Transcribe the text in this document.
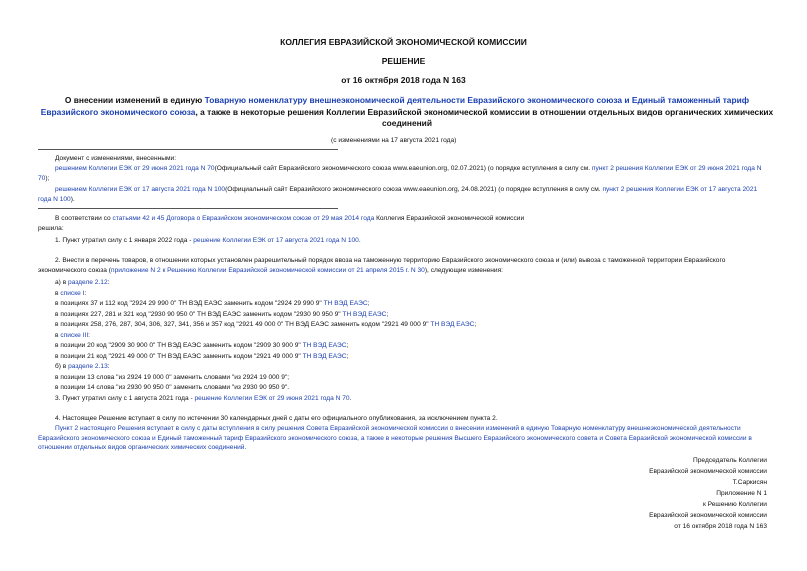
КОЛЛЕГИЯ ЕВРАЗИЙСКОЙ ЭКОНОМИЧЕСКОЙ КОМИССИИ
РЕШЕНИЕ
от 16 октября 2018 года N 163
О внесении изменений в единую Товарную номенклатуру внешнеэкономической деятельности Евразийского экономического союза и Единый таможенный тариф Евразийского экономического союза, а также в некоторые решения Коллегии Евразийской экономической комиссии в отношении отдельных видов органических химических соединений
(с изменениями на 17 августа 2021 года)
Документ с изменениями, внесенными:
решением Коллегии ЕЭК от 29 июня 2021 года N 70(Официальный сайт Евразийского экономического союза www.eaeunion.org, 02.07.2021) (о порядке вступления в силу см. пункт 2 решения Коллегии ЕЭК от 29 июня 2021 года N 70);
решением Коллегии ЕЭК от 17 августа 2021 года N 100(Официальный сайт Евразийского экономического союза www.eaeunion.org, 24.08.2021) (о порядке вступления в силу см. пункт 2 решения Коллегии ЕЭК от 17 августа 2021 года N 100).
В соответствии со статьями 42 и 45 Договора о Евразийском экономическом союзе от 29 мая 2014 года Коллегия Евразийской экономической комиссии
решила:
1. Пункт утратил силу с 1 января 2022 года - решение Коллегии ЕЭК от 17 августа 2021 года N 100.
2. Внести в перечень товаров, в отношении которых установлен разрешительный порядок ввоза на таможенную территорию Евразийского экономического союза и (или) вывоза с таможенной территории Евразийского экономического союза (приложение N 2 к Решению Коллегии Евразийской экономической комиссии от 21 апреля 2015 г. N 30), следующие изменения:
а) в разделе 2.12:
в списке I:
в позициях 37 и 112 код "2924 29 990 0" ТН ВЭД ЕАЭС заменить кодом "2924 29 990 9" ТН ВЭД ЕАЭС;
в позициях 227, 281 и 321 код "2930 90 950 0" ТН ВЭД ЕАЭС заменить кодом "2930 90 950 9" ТН ВЭД ЕАЭС;
в позициях 258, 276, 287, 304, 306, 327, 341, 356 и 357 код "2921 49 000 0" ТН ВЭД ЕАЭС заменить кодом "2921 49 000 9" ТН ВЭД ЕАЭС;
в списке III:
в позиции 20 код "2909 30 900 0" ТН ВЭД ЕАЭС заменить кодом "2909 30 900 9" ТН ВЭД ЕАЭС;
в позиции 21 код "2921 49 000 0" ТН ВЭД ЕАЭС заменить кодом "2921 49 000 9" ТН ВЭД ЕАЭС;
б) в разделе 2.13:
в позиции 13 слова "из 2924 19 000 0" заменить словами "из 2924 19 000 9";
в позиции 14 слова "из 2930 90 950 0" заменить словами "из 2930 90 950 9".
3. Пункт утратил силу с 1 августа 2021 года - решение Коллегии ЕЭК от 29 июня 2021 года N 70.
4. Настоящее Решение вступает в силу по истечении 30 календарных дней с даты его официального опубликования, за исключением пункта 2.
Пункт 2 настоящего Решения вступает в силу с даты вступления в силу решения Совета Евразийской экономической комиссии о внесении изменений в единую Товарную номенклатуру внешнеэкономической деятельности Евразийского экономического союза и Единый таможенный тариф Евразийского экономического союза, а также в некоторые решения Высшего Евразийского экономического совета и Совета Евразийской экономической комиссии в отношении отдельных видов органических химических соединений.
Председатель Коллегии
Евразийской экономической комиссии
Т.Саркисян
Приложение N 1
к Решению Коллегии
Евразийской экономической комиссии
от 16 октября 2018 года N 163
